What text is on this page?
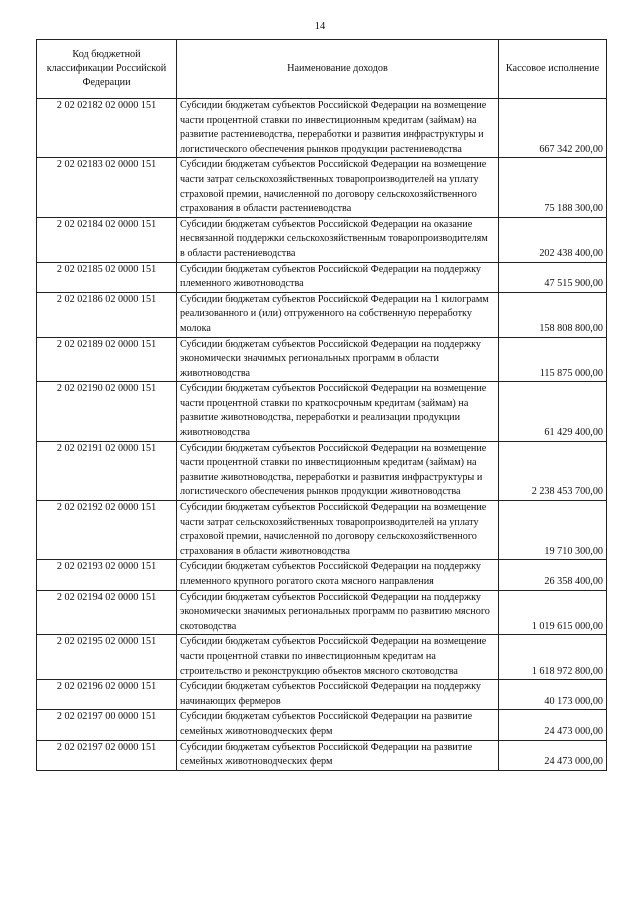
14
Код бюджетной классификации Российской Федерации	Наименование доходов	Кассовое исполнение
2 02 02182 02 0000 151	Субсидии бюджетам субъектов Российской Федерации на возмещение части процентной ставки по инвестиционным кредитам (займам) на развитие растениеводства, переработки и развития инфраструктуры и логистического обеспечения рынков продукции растениеводства	667 342 200,00
2 02 02183 02 0000 151	Субсидии бюджетам субъектов Российской Федерации на возмещение части затрат сельскохозяйственных товаропроизводителей на уплату страховой премии, начисленной по договору сельскохозяйственного страхования в области растениеводства	75 188 300,00
2 02 02184 02 0000 151	Субсидии бюджетам субъектов Российской Федерации на оказание несвязанной поддержки сельскохозяйственным товаропроизводителям в области растениеводства	202 438 400,00
2 02 02185 02 0000 151	Субсидии бюджетам субъектов Российской Федерации на поддержку племенного животноводства	47 515 900,00
2 02 02186 02 0000 151	Субсидии бюджетам субъектов Российской Федерации на 1 килограмм реализованного и (или) отгруженного на собственную переработку молока	158 808 800,00
2 02 02189 02 0000 151	Субсидии бюджетам субъектов Российской Федерации на поддержку экономически значимых региональных программ в области животноводства	115 875 000,00
2 02 02190 02 0000 151	Субсидии бюджетам субъектов Российской Федерации на возмещение части процентной ставки по краткосрочным кредитам (займам) на развитие животноводства, переработки и реализации продукции животноводства	61 429 400,00
2 02 02191 02 0000 151	Субсидии бюджетам субъектов Российской Федерации на возмещение части процентной ставки по инвестиционным кредитам (займам) на развитие животноводства, переработки и развития инфраструктуры и логистического обеспечения рынков продукции животноводства	2 238 453 700,00
2 02 02192 02 0000 151	Субсидии бюджетам субъектов Российской Федерации на возмещение части затрат сельскохозяйственных товаропроизводителей на уплату страховой премии, начисленной по договору сельскохозяйственного страхования в области животноводства	19 710 300,00
2 02 02193 02 0000 151	Субсидии бюджетам субъектов Российской Федерации на поддержку племенного крупного рогатого скота мясного направления	26 358 400,00
2 02 02194 02 0000 151	Субсидии бюджетам субъектов Российской Федерации на поддержку экономически значимых региональных программ по развитию мясного скотоводства	1 019 615 000,00
2 02 02195 02 0000 151	Субсидии бюджетам субъектов Российской Федерации на возмещение части процентной ставки по инвестиционным кредитам на строительство и реконструкцию объектов мясного скотоводства	1 618 972 800,00
2 02 02196 02 0000 151	Субсидии бюджетам субъектов Российской Федерации на поддержку начинающих фермеров	40 173 000,00
2 02 02197 00 0000 151	Субсидии бюджетам субъектов Российской Федерации на развитие семейных животноводческих ферм	24 473 000,00
2 02 02197 02 0000 151	Субсидии бюджетам субъектов Российской Федерации на развитие семейных животноводческих ферм	24 473 000,00
